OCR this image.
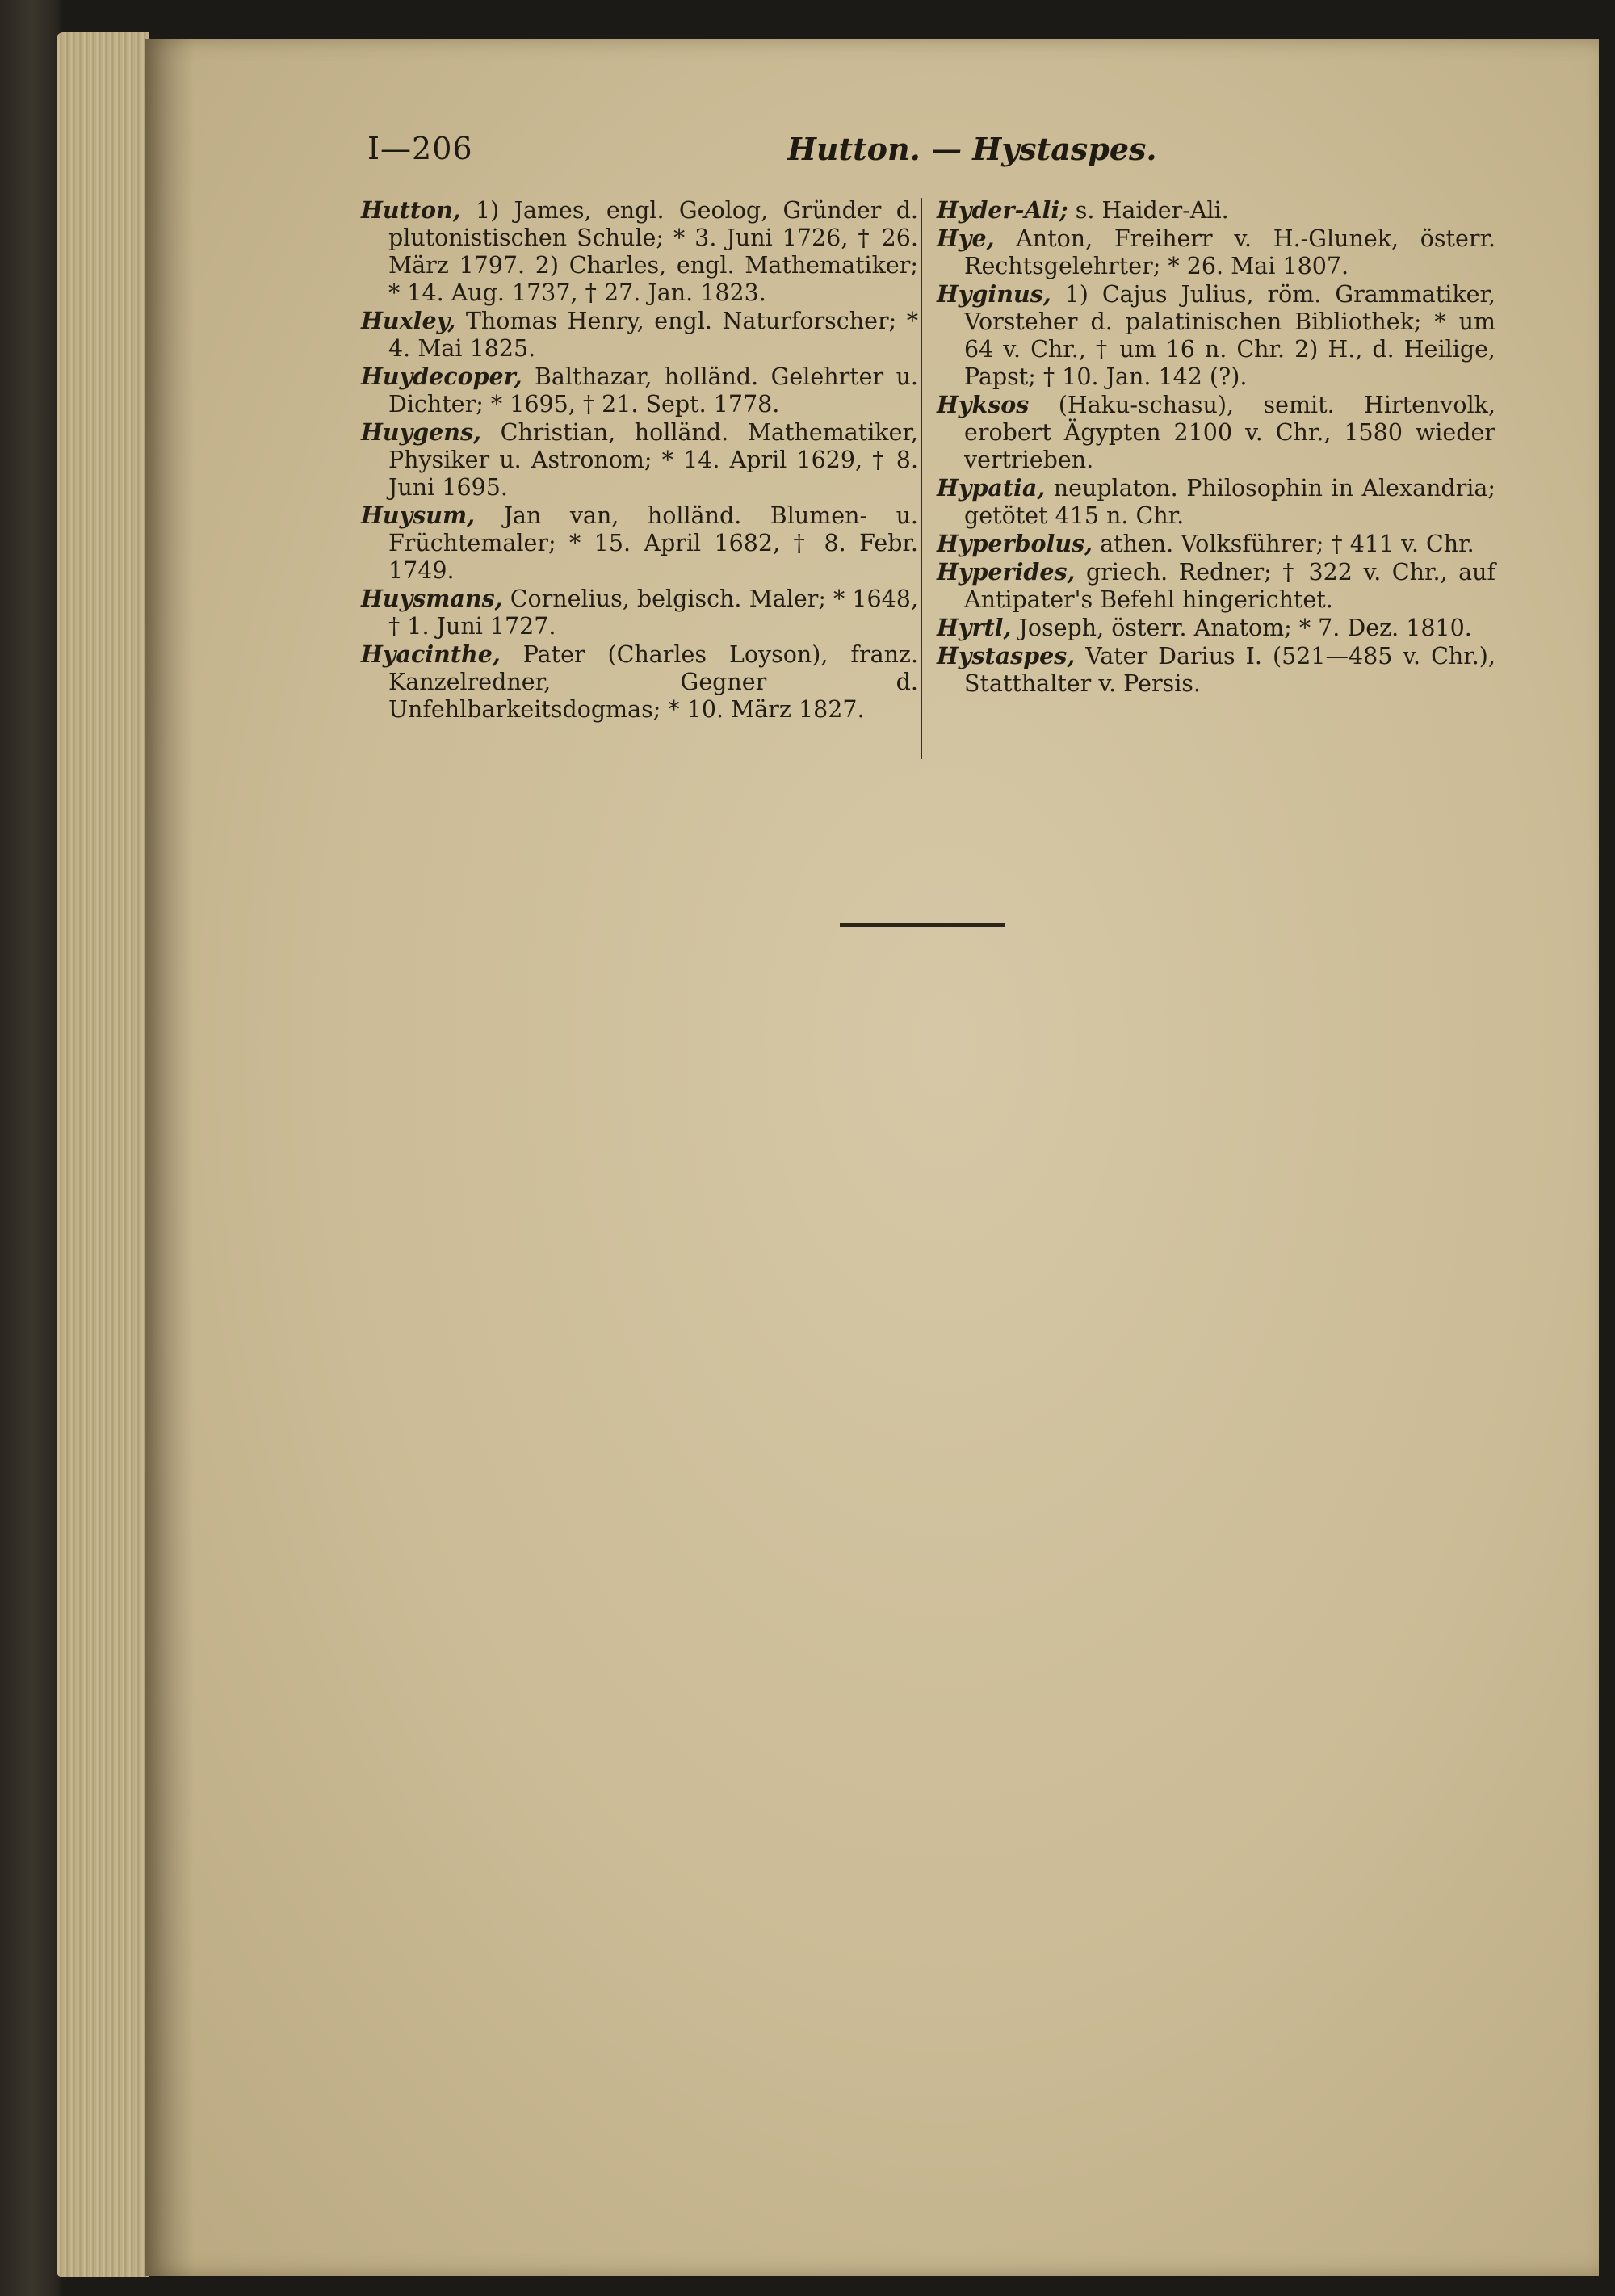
I—206	Hutton. — Hystaspes.

Hutton, 1) James, engl. Geolog, Gründer d. plutonistischen Schule; * 3. Juni 1726, † 26. März 1797. 2) Charles, engl. Mathematiker; * 14. Aug. 1737, † 27. Jan. 1823.

Huxley, Thomas Henry, engl. Naturforscher; * 4. Mai 1825.

Huydecoper, Balthazar, holländ. Gelehrter u. Dichter; * 1695, † 21. Sept. 1778.

Huygens, Christian, holländ. Mathematiker, Physiker u. Astronom; * 14. April 1629, † 8. Juni 1695.

Huysum, Jan van, holländ. Blumen- u. Früchtemaler; * 15. April 1682, † 8. Febr. 1749.

Huysmans, Cornelius, belgisch. Maler; * 1648, † 1. Juni 1727.

Hyacinthe, Pater (Charles Loyson), franz. Kanzelredner, Gegner d. Unfehlbarkeitsdogmas; * 10. März 1827.

Hyder-Ali; s. Haider-Ali.

Hye, Anton, Freiherr v. H.-Glunek, österr. Rechtsgelehrter; * 26. Mai 1807.

Hyginus, 1) Cajus Julius, röm. Grammatiker, Vorsteher d. palatinischen Bibliothek; * um 64 v. Chr., † um 16 n. Chr. 2) H., d. Heilige, Papst; † 10. Jan. 142 (?).

Hyksos (Haku-schasu), semit. Hirtenvolk, erobert Ägypten 2100 v. Chr., 1580 wieder vertrieben.

Hypatia, neuplaton. Philosophin in Alexandria; getötet 415 n. Chr.

Hyperbolus, athen. Volksführer; † 411 v. Chr.

Hyperides, griech. Redner; † 322 v. Chr., auf Antipater's Befehl hingerichtet.

Hyrtl, Joseph, österr. Anatom; * 7. Dez. 1810.

Hystaspes, Vater Darius I. (521—485 v. Chr.), Statthalter v. Persis.
